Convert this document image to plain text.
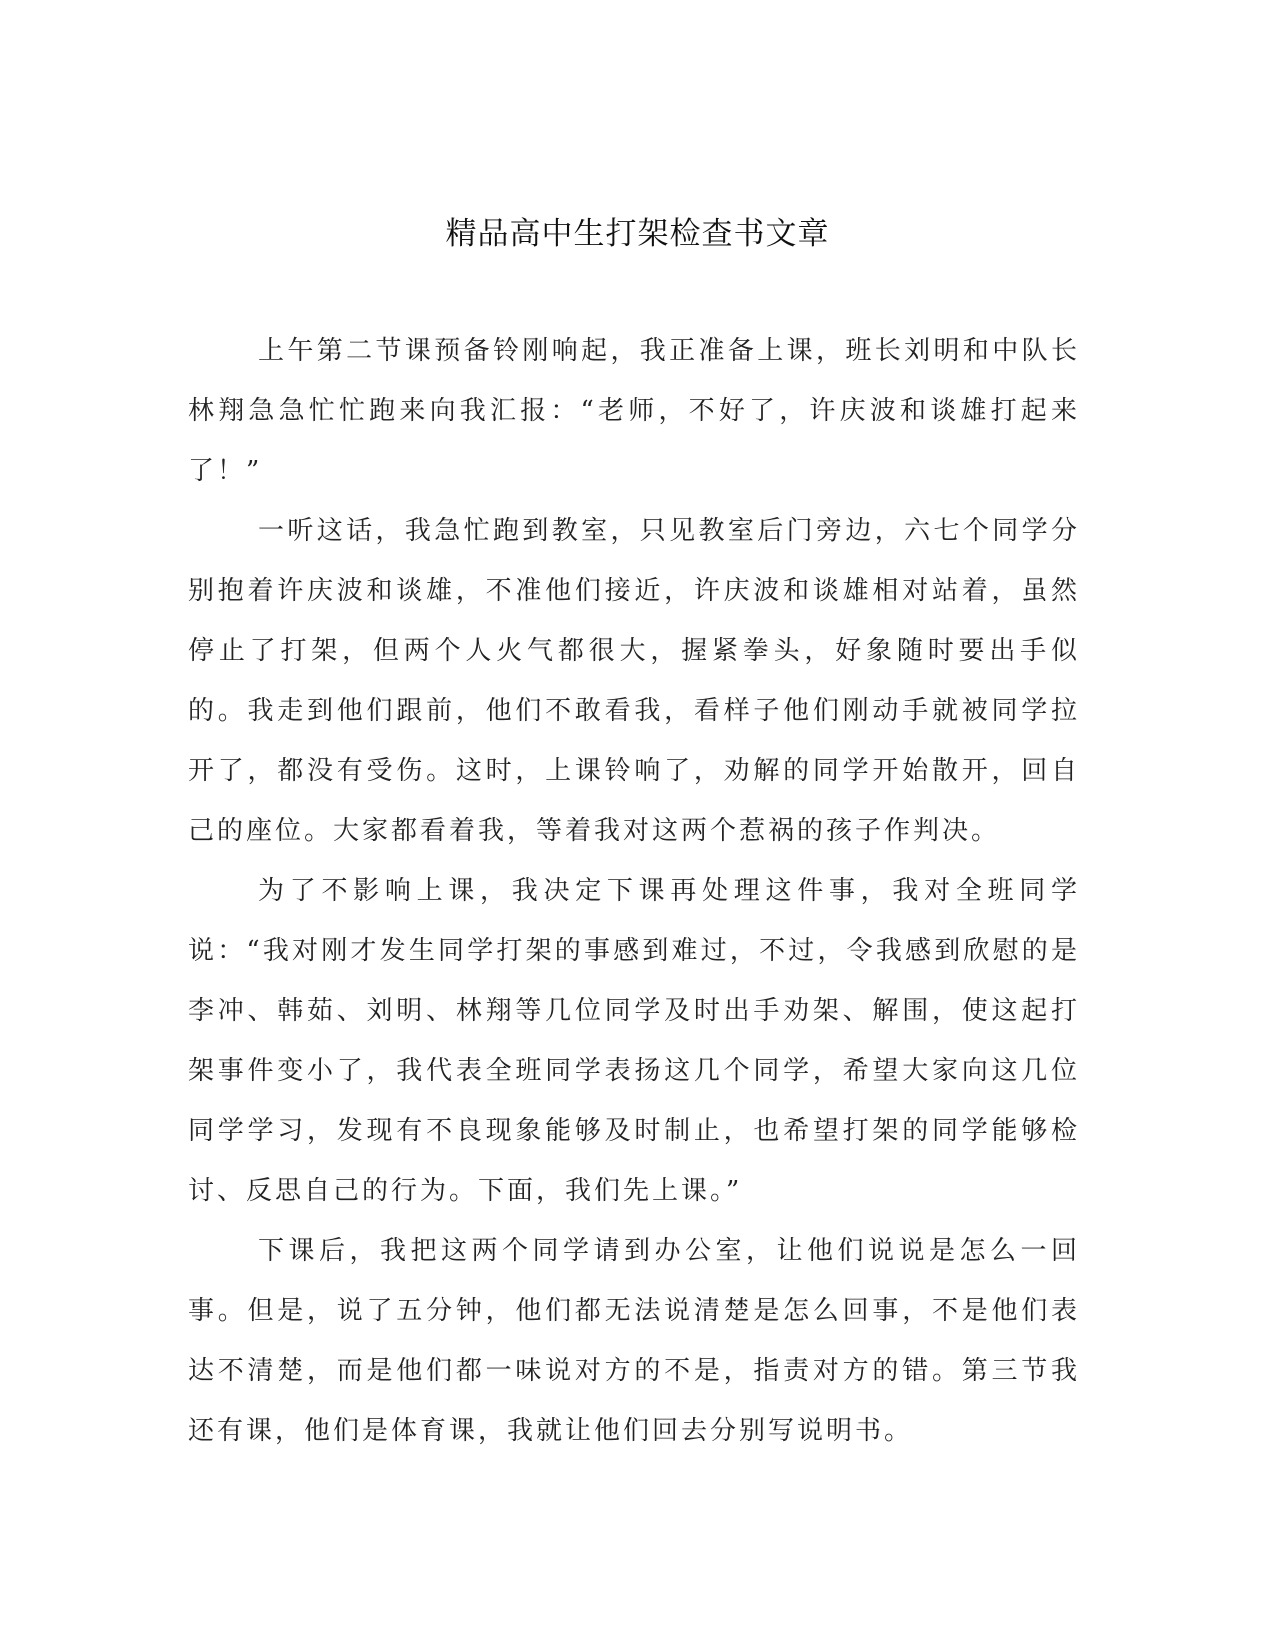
精品高中生打架检查书文章

上午第二节课预备铃刚响起，我正准备上课，班长刘明和中队长林翔急急忙忙跑来向我汇报：“老师，不好了，许庆波和谈雄打起来了！”

一听这话，我急忙跑到教室，只见教室后门旁边，六七个同学分别抱着许庆波和谈雄，不准他们接近，许庆波和谈雄相对站着，虽然停止了打架，但两个人火气都很大，握紧拳头，好象随时要出手似的。我走到他们跟前，他们不敢看我，看样子他们刚动手就被同学拉开了，都没有受伤。这时，上课铃响了，劝解的同学开始散开，回自己的座位。大家都看着我，等着我对这两个惹祸的孩子作判决。

为了不影响上课，我决定下课再处理这件事，我对全班同学说：“我对刚才发生同学打架的事感到难过，不过，令我感到欣慰的是李冲、韩茹、刘明、林翔等几位同学及时出手劝架、解围，使这起打架事件变小了，我代表全班同学表扬这几个同学，希望大家向这几位同学学习，发现有不良现象能够及时制止，也希望打架的同学能够检讨、反思自己的行为。下面，我们先上课。”

下课后，我把这两个同学请到办公室，让他们说说是怎么一回事。但是，说了五分钟，他们都无法说清楚是怎么回事，不是他们表达不清楚，而是他们都一味说对方的不是，指责对方的错。第三节我还有课，他们是体育课，我就让他们回去分别写说明书。
